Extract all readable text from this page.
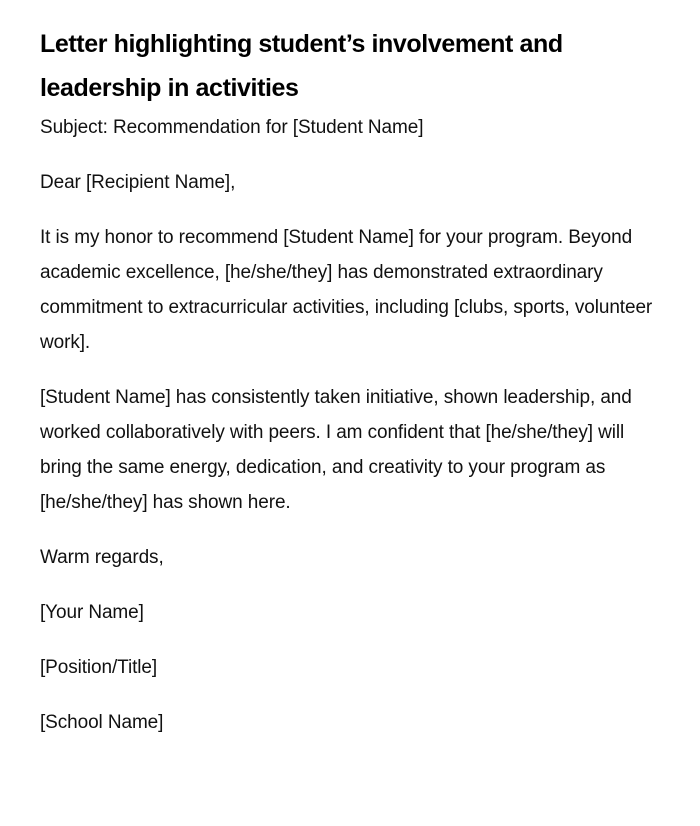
Letter highlighting student’s involvement and leadership in activities

Subject: Recommendation for [Student Name]

Dear [Recipient Name],

It is my honor to recommend [Student Name] for your program. Beyond academic excellence, [he/she/they] has demonstrated extraordinary commitment to extracurricular activities, including [clubs, sports, volunteer work].

[Student Name] has consistently taken initiative, shown leadership, and worked collaboratively with peers. I am confident that [he/she/they] will bring the same energy, dedication, and creativity to your program as [he/she/they] has shown here.

Warm regards,

[Your Name]

[Position/Title]

[School Name]
